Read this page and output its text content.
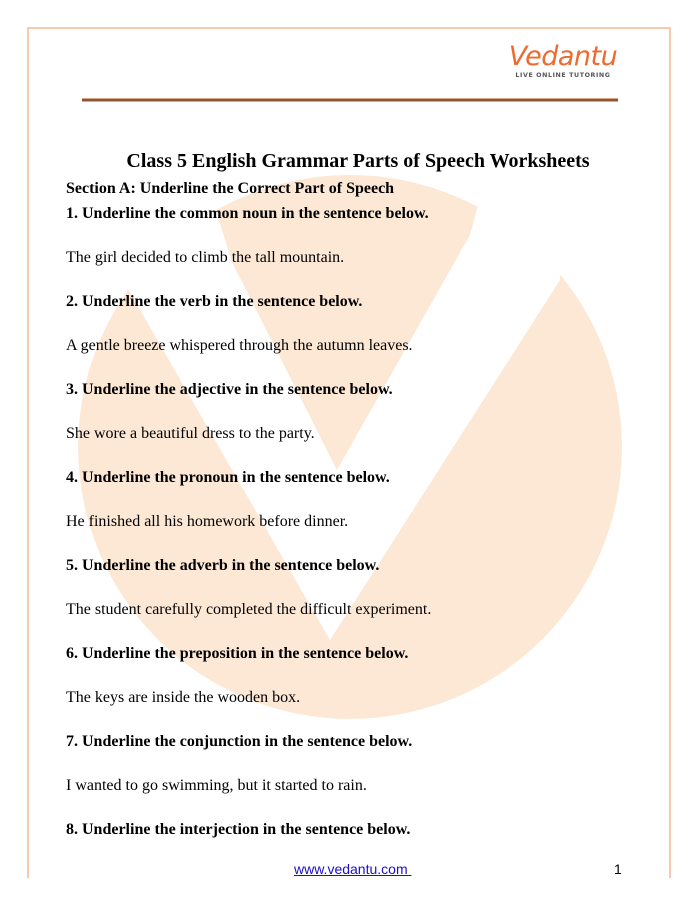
Vedantu
LIVE ONLINE TUTORING
Class 5 English Grammar Parts of Speech Worksheets
Section A: Underline the Correct Part of Speech
1. Underline the common noun in the sentence below.
The girl decided to climb the tall mountain.
2. Underline the verb in the sentence below.
A gentle breeze whispered through the autumn leaves.
3. Underline the adjective in the sentence below.
She wore a beautiful dress to the party.
4. Underline the pronoun in the sentence below.
He finished all his homework before dinner.
5. Underline the adverb in the sentence below.
The student carefully completed the difficult experiment.
6. Underline the preposition in the sentence below.
The keys are inside the wooden box.
7. Underline the conjunction in the sentence below.
I wanted to go swimming, but it started to rain.
8. Underline the interjection in the sentence below.
www.vedantu.com	1
